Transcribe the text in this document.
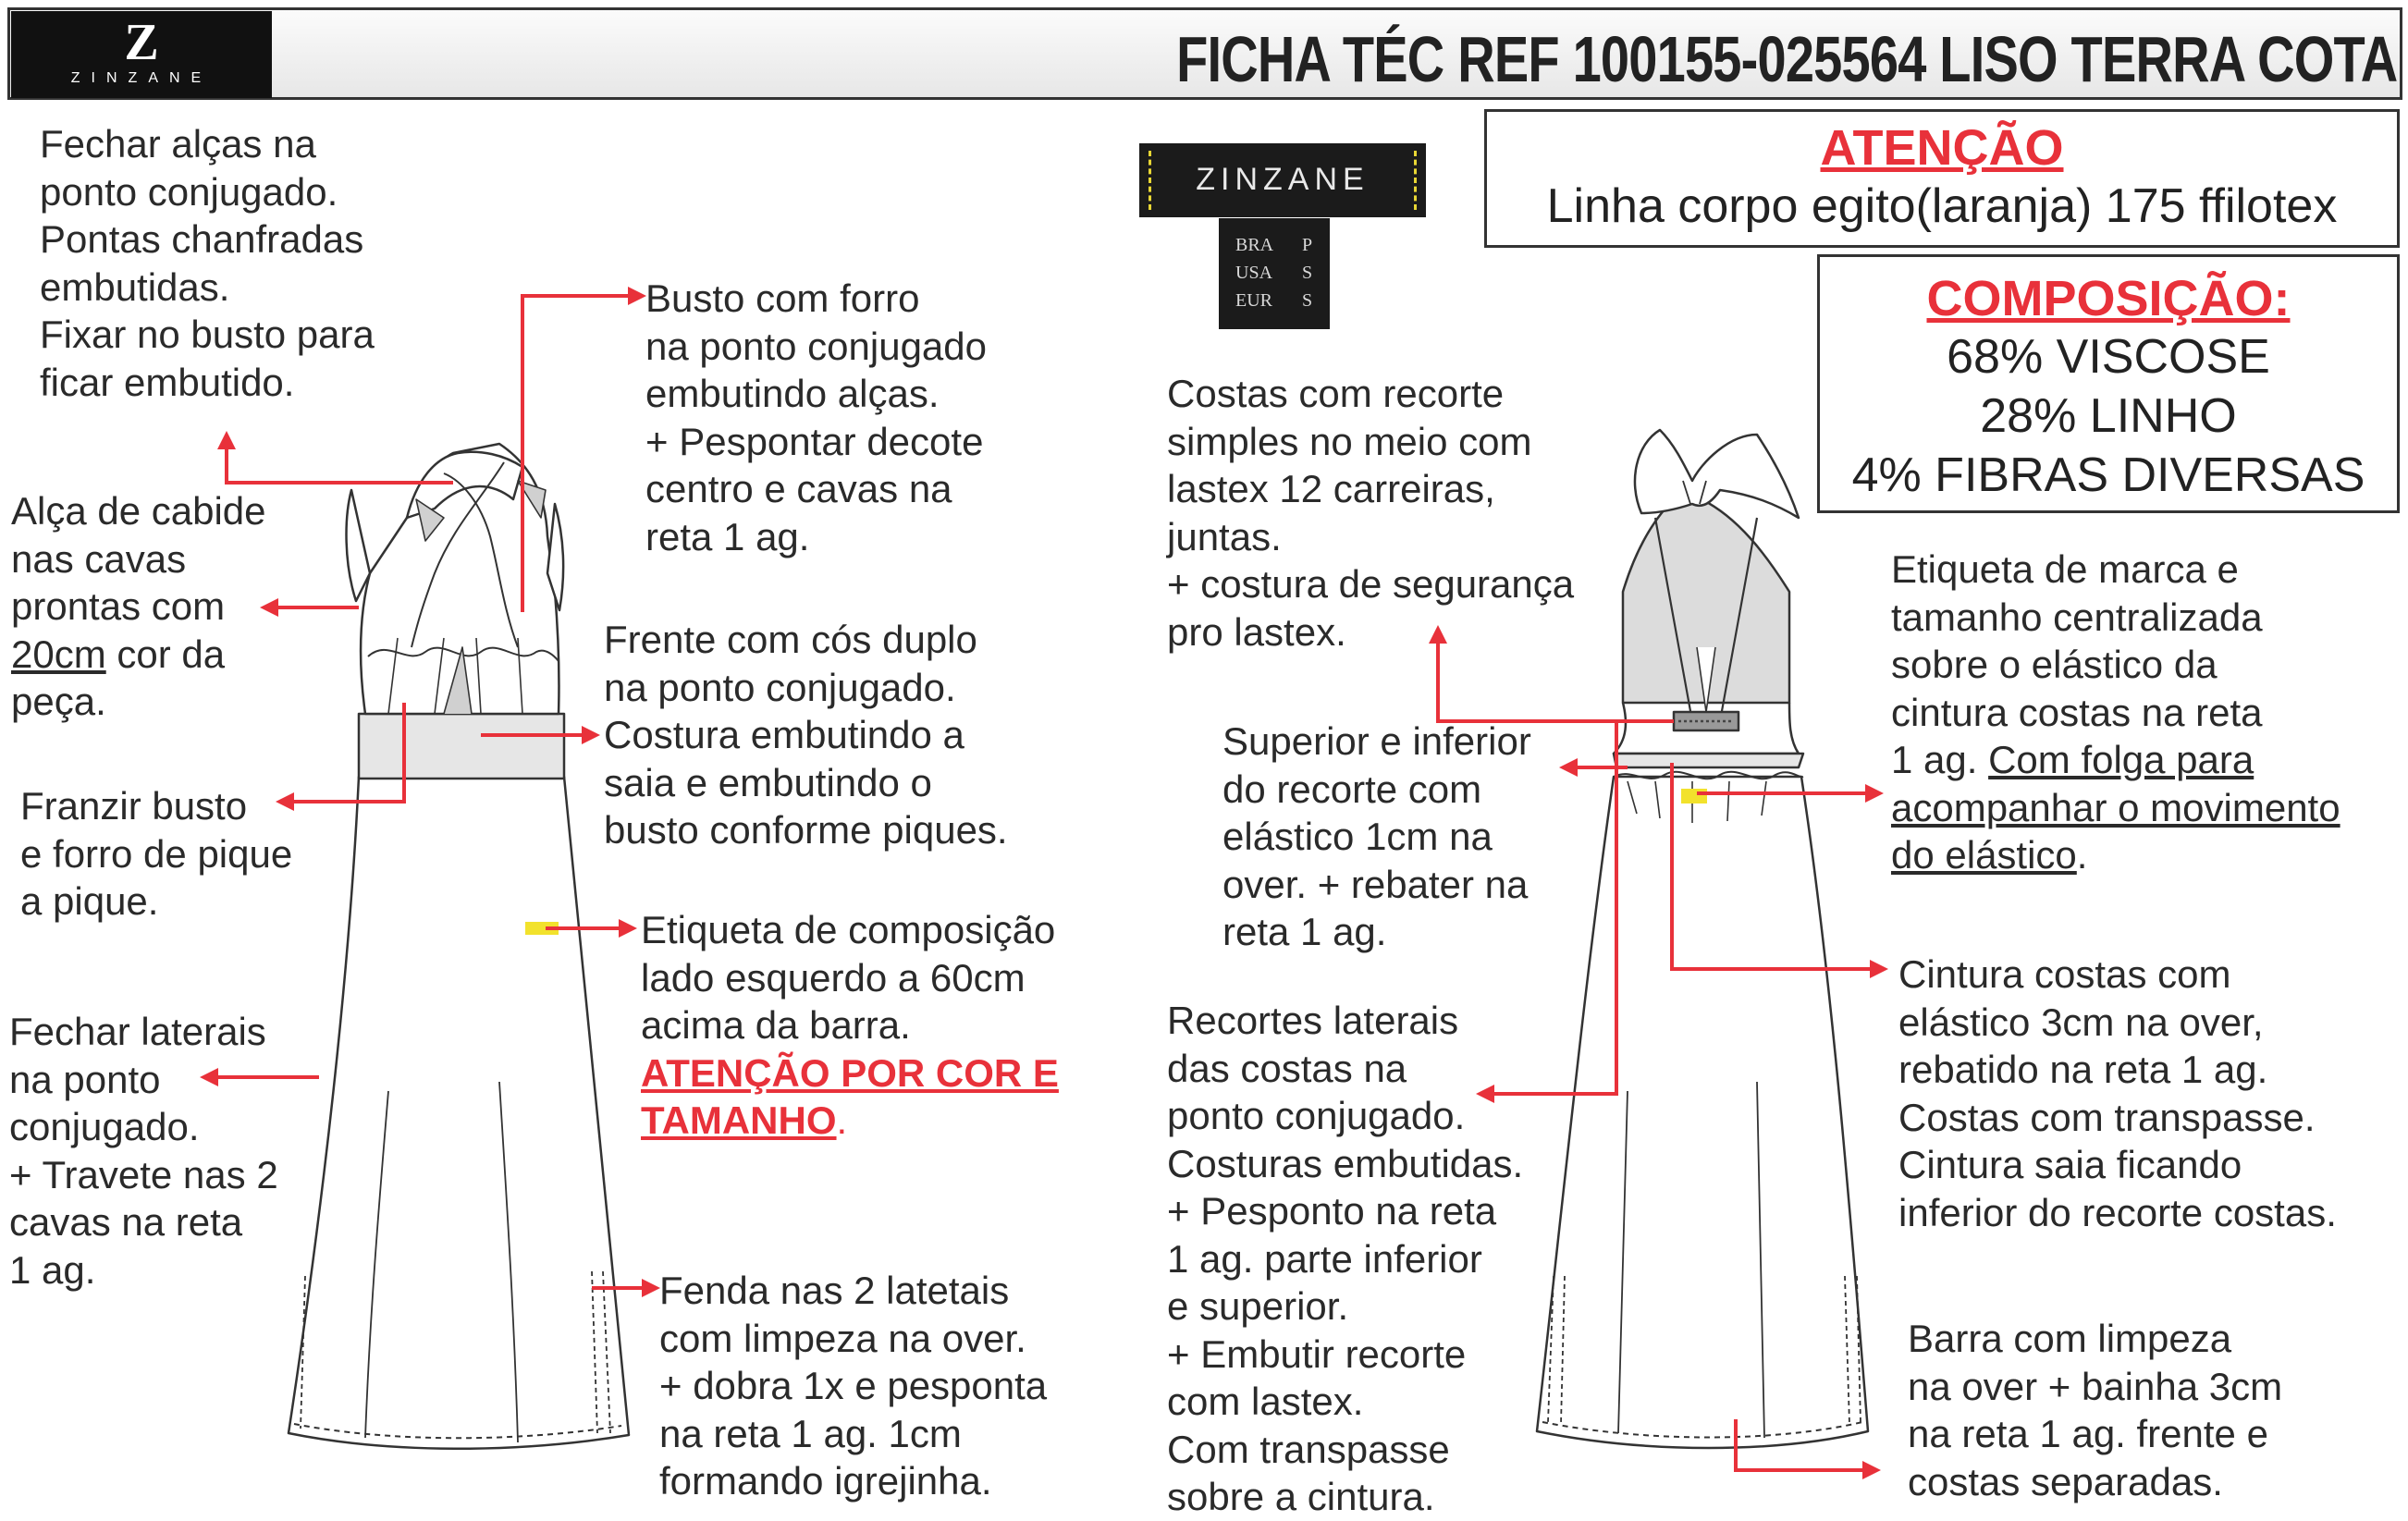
Z
ZINZANE	FICHA TÉC REF 100155-025564 LISO TERRA COTA
ZINZANE
BRA P
USA S
EUR S
ATENÇÃO
Linha corpo egito(laranja) 175 ffilotex
COMPOSIÇÃO:
68% VISCOSE
28% LINHO
4% FIBRAS DIVERSAS
Fechar alças na
ponto conjugado.
Pontas chanfradas
embutidas.
Fixar no busto para
ficar embutido.
Busto com forro
na ponto conjugado
embutindo alças.
+ Pespontar decote
centro e cavas na
reta 1 ag.
Alça de cabide
nas cavas
prontas com
20cm cor da
peça.
Frente com cós duplo
na ponto conjugado.
Costura embutindo a
saia e embutindo o
busto conforme piques.
Franzir busto
e forro de pique
a pique.
Etiqueta de composição
lado esquerdo a 60cm
acima da barra.
ATENÇÃO POR COR E
TAMANHO.
Fechar laterais
na ponto
conjugado.
+ Travete nas 2
cavas na reta
1 ag.	Fenda nas 2 latetais
com limpeza na over.
+ dobra 1x e pesponta
na reta 1 ag. 1cm
formando igrejinha.
Costas com recorte
simples no meio com
lastex 12 carreiras,
juntas.
+ costura de segurança
pro lastex.
Superior e inferior
do recorte com
elástico 1cm na
over. + rebater na
reta 1 ag.
Recortes laterais
das costas na
ponto conjugado.
Costuras embutidas.
+ Pesponto na reta
1 ag. parte inferior
e superior.
+ Embutir recorte
com lastex.
Com transpasse
sobre a cintura.
Etiqueta de marca e
tamanho centralizada
sobre o elástico da
cintura costas na reta
1 ag. Com folga para
acompanhar o movimento
do elástico.
Cintura costas com
elástico 3cm na over,
rebatido na reta 1 ag.
Costas com transpasse.
Cintura saia ficando
inferior do recorte costas.
Barra com limpeza
na over + bainha 3cm
na reta 1 ag. frente e
costas separadas.
